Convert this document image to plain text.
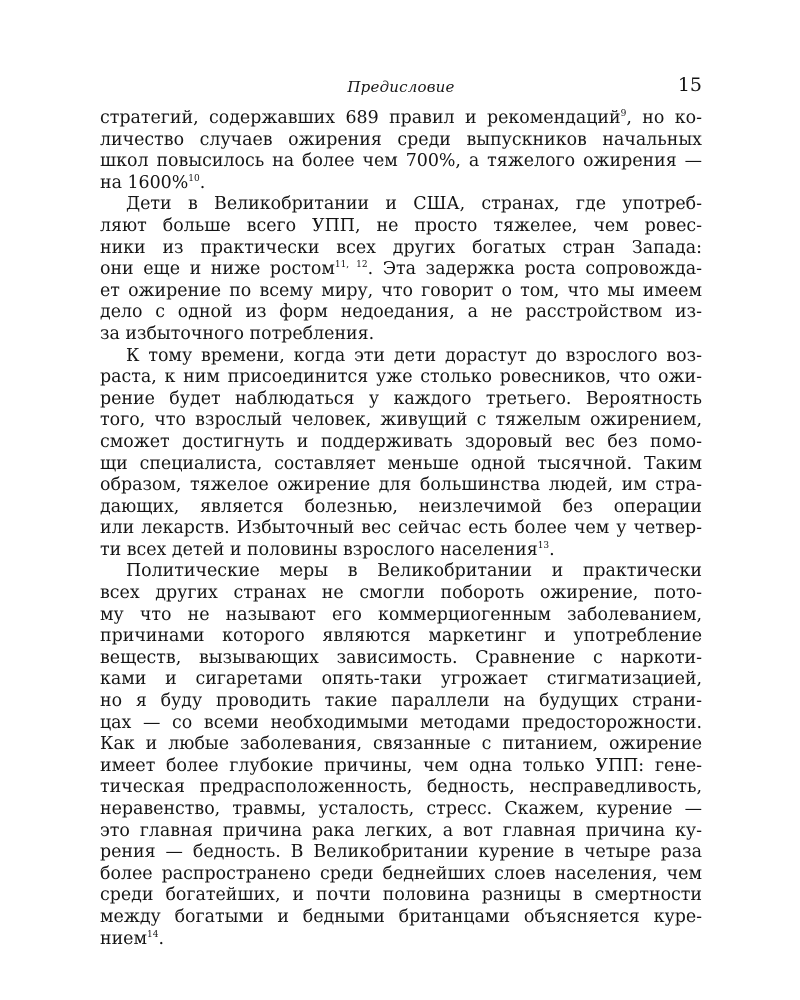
Предисловие	15
стратегий, содержавших 689 правил и рекомендаций$^9$, но ко-
личество случаев ожирения среди выпускников начальных
школ повысилось на более чем 700%, а тяжелого ожирения —
на 1600%$^{10}$.
Дети в Великобритании и США, странах, где употреб-
ляют больше всего УПП, не просто тяжелее, чем ровес-
ники из практически всех других богатых стран Запада:
они еще и ниже ростом$^{11, 12}$. Эта задержка роста сопровожда-
ет ожирение по всему миру, что говорит о том, что мы имеем
дело с одной из форм недоедания, а не расстройством из-
за избыточного потребления.
К тому времени, когда эти дети дорастут до взрослого воз-
раста, к ним присоединится уже столько ровесников, что ожи-
рение будет наблюдаться у каждого третьего. Вероятность
того, что взрослый человек, живущий с тяжелым ожирением,
сможет достигнуть и поддерживать здоровый вес без помо-
щи специалиста, составляет меньше одной тысячной. Таким
образом, тяжелое ожирение для большинства людей, им стра-
дающих, является болезнью, неизлечимой без операции
или лекарств. Избыточный вес сейчас есть более чем у четвер-
ти всех детей и половины взрослого населения$^{13}$.
Политические меры в Великобритании и практически
всех других странах не смогли побороть ожирение, пото-
му что не называют его коммерциогенным заболеванием,
причинами которого являются маркетинг и употребление
веществ, вызывающих зависимость. Сравнение с наркоти-
ками и сигаретами опять-таки угрожает стигматизацией,
но я буду проводить такие параллели на будущих страни-
цах — со всеми необходимыми методами предосторожности.
Как и любые заболевания, связанные с питанием, ожирение
имеет более глубокие причины, чем одна только УПП: гене-
тическая предрасположенность, бедность, несправедливость,
неравенство, травмы, усталость, стресс. Скажем, курение —
это главная причина рака легких, а вот главная причина ку-
рения — бедность. В Великобритании курение в четыре раза
более распространено среди беднейших слоев населения, чем
среди богатейших, и почти половина разницы в смертности
между богатыми и бедными британцами объясняется куре-
нием$^{14}$.
